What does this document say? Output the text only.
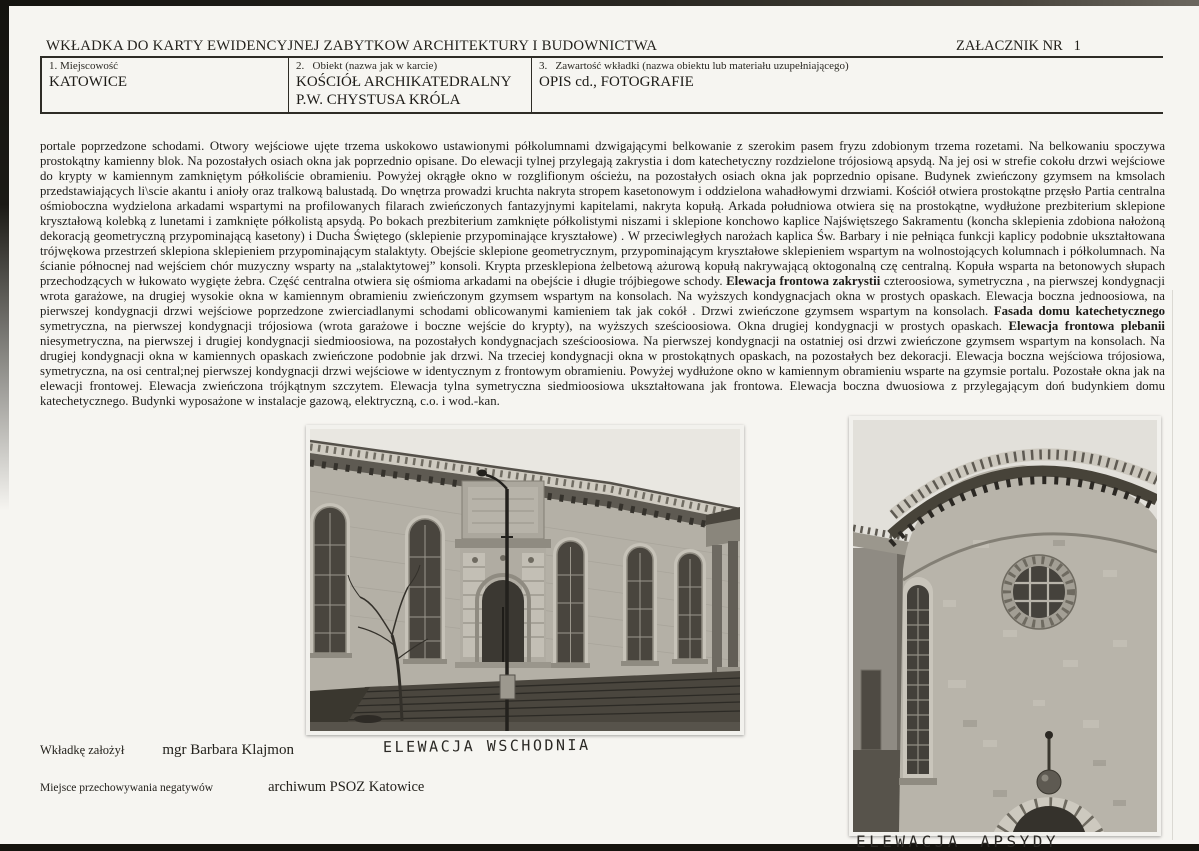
WKŁADKA DO KARTY EWIDENCYJNEJ ZABYTKOW ARCHITEKTURY I BUDOWNICTWA	ZAŁACZNIK NR   1
1. Miejscowość
KATOWICE
2.   Obiekt (nazwa jak w karcie)
KOŚCIÓŁ ARCHIKATEDRALNY
P.W. CHYSTUSA KRÓLA
3.   Zawartość wkładki (nazwa obiektu lub materiału uzupełniającego)
OPIS cd., FOTOGRAFIE
portale poprzedzone schodami. Otwory wejściowe ujęte trzema uskokowo ustawionymi półkolumnami dzwigającymi belkowanie z szerokim pasem fryzu zdobionym trzema rozetami. Na belkowaniu spoczywa prostokątny kamienny blok. Na pozostałych osiach okna jak poprzednio opisane. Do elewacji tylnej przylegają zakrystia i dom katechetyczny rozdzielone trójosiową apsydą. Na jej osi w strefie cokołu drzwi wejściowe do krypty w kamiennym zamkniętym półkoliście obramieniu. Powyżej okrągłe okno w rozglifionym ościeżu, na pozostałych osiach okna jak poprzednio opisane. Budynek zwieńczony gzymsem na kmsolach przedstawiających li\scie akantu i anioły oraz tralkową balustadą. Do wnętrza prowadzi kruchta nakryta stropem kasetonowym i oddzielona wahadłowymi drzwiami. Kościół otwiera prostokątne przęsło Partia centralna ośmioboczna wydzielona arkadami wspartymi na profilowanych filarach zwieńczonych fantazyjnymi kapitelami, nakryta kopułą. Arkada południowa otwiera się na prostokątne, wydłużone prezbiterium sklepione kryształową kolebką z lunetami i zamknięte półkolistą apsydą. Po bokach prezbiterium zamknięte półkolistymi niszami i sklepione konchowo kaplice Najświętszego Sakramentu (koncha sklepienia zdobiona nałożoną dekoracją geometryczną przypominającą kasetony) i Ducha Świętego (sklepienie przypominające kryształowe) . W przeciwległych narożach kaplica Św. Barbary i nie pełniąca funkcji kaplicy podobnie ukształtowana trójwękowa przestrzeń sklepiona sklepieniem przypominającym stalaktyty. Obejście sklepione geometrycznym, przypominającym kryształowe sklepieniem wspartym na wolnostojących kolumnach i półkolumnach. Na ścianie północnej nad wejściem chór muzyczny wsparty na „stalaktytowej” konsoli. Krypta przesklepiona żelbetową ażurową kopułą nakrywającą oktogonalną czę centralną. Kopuła wsparta na betonowych słupach przechodzących w łukowato wygięte żebra. Część centralna otwiera się ośmioma arkadami na obejście i długie trójbiegowe schody. Elewacja frontowa zakrystii czteroosiowa, symetryczna , na pierwszej kondygnacji wrota garażowe, na drugiej wysokie okna w kamiennym obramieniu zwieńczonym gzymsem wspartym na konsolach. Na wyższych kondygnacjach okna w prostych opaskach. Elewacja boczna jednoosiowa, na pierwszej kondygnacji drzwi wejściowe poprzedzone zwierciadlanymi schodami oblicowanymi kamieniem tak jak cokół . Drzwi zwieńczone gzymsem wspartym na konsolach. Fasada domu katechetycznego symetryczna, na pierwszej kondygnacji trójosiowa (wrota garażowe i boczne wejście do krypty), na wyższych sześcioosiowa. Okna drugiej kondygnacji w prostych opaskach. Elewacja frontowa plebanii niesymetryczna, na pierwszej i drugiej kondygnacji siedmioosiowa, na pozostałych kondygnacjach sześcioosiowa. Na pierwszej kondygnacji na ostatniej osi drzwi zwieńczone gzymsem wspartym na konsolach. Na drugiej kondygnacji okna w kamiennych opaskach zwieńczone podobnie jak drzwi. Na trzeciej kondygnacji okna w prostokątnych opaskach, na pozostałych bez dekoracji. Elewacja boczna wejściowa trójosiowa, symetryczna, na osi central;nej pierwszej kondygnacji drzwi wejściowe w identycznym z frontowym obramieniu. Powyżej wydłużone okno w kamiennym obramieniu wsparte na gzymsie portalu. Pozostałe okna jak na elewacji frontowej. Elewacja zwieńczona trójkątnym szczytem. Elewacja tylna symetryczna siedmioosiowa ukształtowana jak frontowa. Elewacja boczna dwuosiowa z przylegającym doń budynkiem domu katechetycznego. Budynki wyposażone w instalacje gazową, elektryczną, c.o. i wod.-kan.
ELEWACJA WSCHODNIA
ELEWACJA APSYDY
Wkładkę założył	mgr Barbara Klajmon
Miejsce przechowywania negatywów	archiwum PSOZ Katowice
